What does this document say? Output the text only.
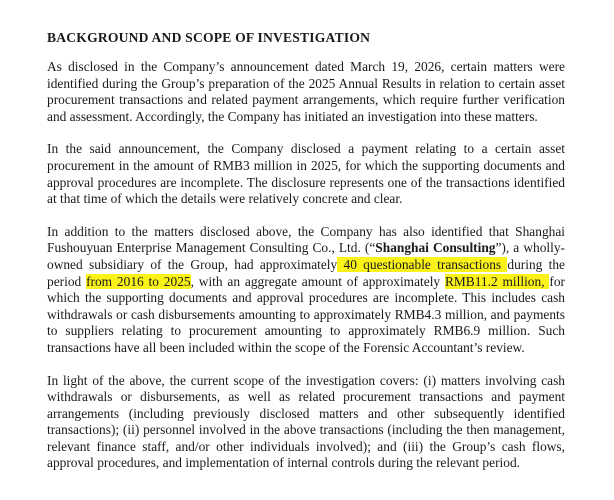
BACKGROUND AND SCOPE OF INVESTIGATION

As disclosed in the Company’s announcement dated March 19, 2026, certain matters were identified during the Group’s preparation of the 2025 Annual Results in relation to certain asset procurement transactions and related payment arrangements, which require further verification and assessment. Accordingly, the Company has initiated an investigation into these matters.

In the said announcement, the Company disclosed a payment relating to a certain asset procurement in the amount of RMB3 million in 2025, for which the supporting documents and approval procedures are incomplete. The disclosure represents one of the transactions identified at that time of which the details were relatively concrete and clear.

In addition to the matters disclosed above, the Company has also identified that Shanghai Fushouyuan Enterprise Management Consulting Co., Ltd. (“Shanghai Consulting”), a wholly-owned subsidiary of the Group, had approximately 40 questionable transactions during the period from 2016 to 2025, with an aggregate amount of approximately RMB11.2 million, for which the supporting documents and approval procedures are incomplete. This includes cash withdrawals or cash disbursements amounting to approximately RMB4.3 million, and payments to suppliers relating to procurement amounting to approximately RMB6.9 million. Such transactions have all been included within the scope of the Forensic Accountant’s review.

In light of the above, the current scope of the investigation covers: (i) matters involving cash withdrawals or disbursements, as well as related procurement transactions and payment arrangements (including previously disclosed matters and other subsequently identified transactions); (ii) personnel involved in the above transactions (including the then management, relevant finance staff, and/or other individuals involved); and (iii) the Group’s cash flows, approval procedures, and implementation of internal controls during the relevant period.
